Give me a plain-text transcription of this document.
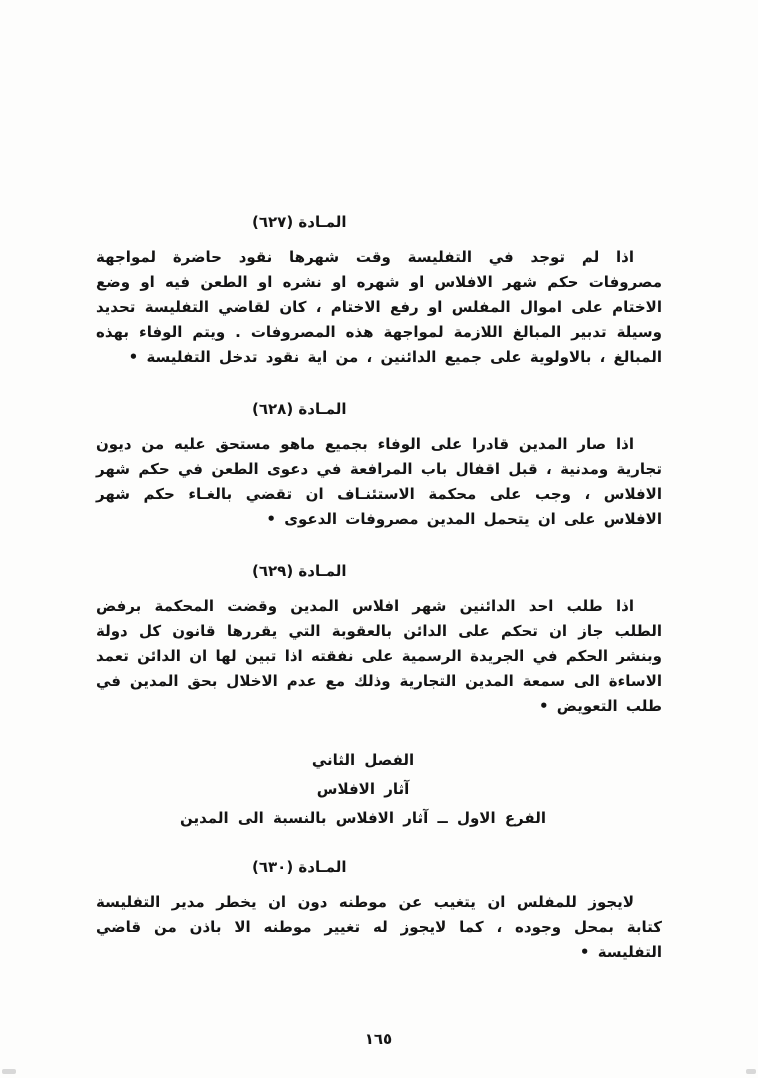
المـادة (٦٢٧)

اذا لم توجد في التفليسة وقت شهرها نقود حاضرة لمواجهة مصروفات حكم شهر الافلاس او شهره او نشره او الطعن فيه او وضع الاختام على اموال المفلس او رفع الاختام ، كان لقاضي التفليسة تحديد وسيلة تدبير المبالغ اللازمة لمواجهة هذه المصروفات . ويتم الوفاء بهذه المبالغ ، بالاولوية على جميع الدائنين ، من اية نقود تدخل التفليسة •

المـادة (٦٢٨)

اذا صار المدين قادرا على الوفاء بجميع ماهو مستحق عليه من ديون تجارية ومدنية ، قبل اقفال باب المرافعة في دعوى الطعن في حكم شهر الافلاس ، وجب على محكمة الاستئنـاف ان تقضي بالغـاء حكم شهر الافلاس على ان يتحمل المدين مصروفات الدعوى •

المـادة (٦٢٩)

اذا طلب احد الدائنين شهر افلاس المدين وقضت المحكمة برفض الطلب جاز ان تحكم على الدائن بالعقوبة التي يقررها قانون كل دولة وبنشر الحكم في الجريدة الرسمية على نفقته اذا تبين لها ان الدائن تعمد الاساءة الى سمعة المدين التجارية وذلك مع عدم الاخلال بحق المدين في طلب التعويض •

الفصل الثاني
آثار الافلاس
الفرع الاول ــ آثار الافلاس بالنسبة الى المدين
المـادة (٦٣٠)

لايجوز للمفلس ان يتغيب عن موطنه دون ان يخطر مدير التفليسة كتابة بمحل وجوده ، كما لايجوز له تغيير موطنه الا باذن من قاضي التفليسة •

١٦٥
